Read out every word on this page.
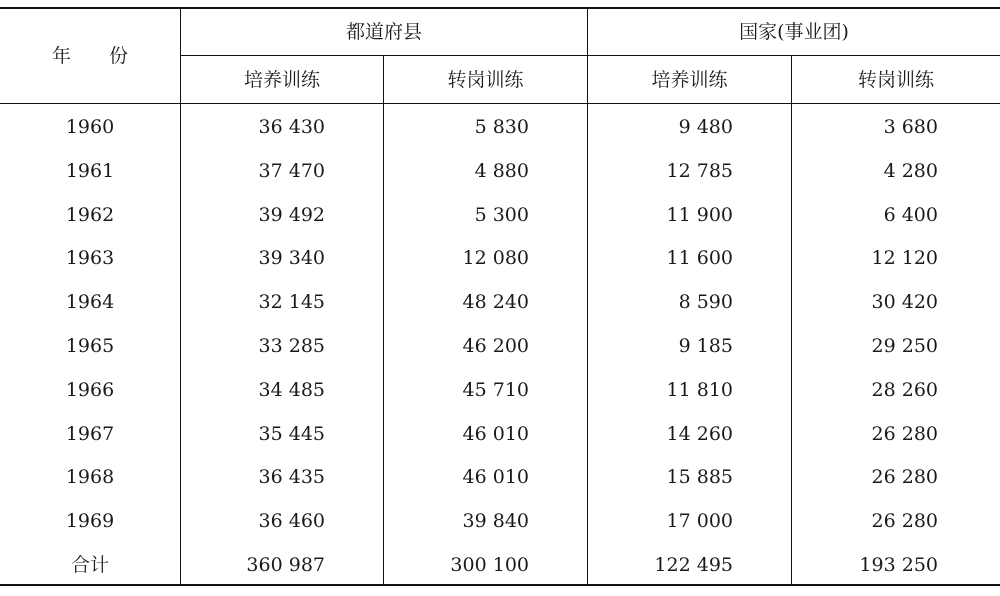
年　　份
都道府县	国家(事业团)
培养训练	转岗训练	培养训练	转岗训练
1960	36 430	5 830	9 480	3 680
1961	37 470	4 880	12 785	4 280
1962	39 492	5 300	11 900	6 400
1963	39 340	12 080	11 600	12 120
1964	32 145	48 240	8 590	30 420
1965	33 285	46 200	9 185	29 250
1966	34 485	45 710	11 810	28 260
1967	35 445	46 010	14 260	26 280
1968	36 435	46 010	15 885	26 280
1969	36 460	39 840	17 000	26 280
合计	360 987	300 100	122 495	193 250
